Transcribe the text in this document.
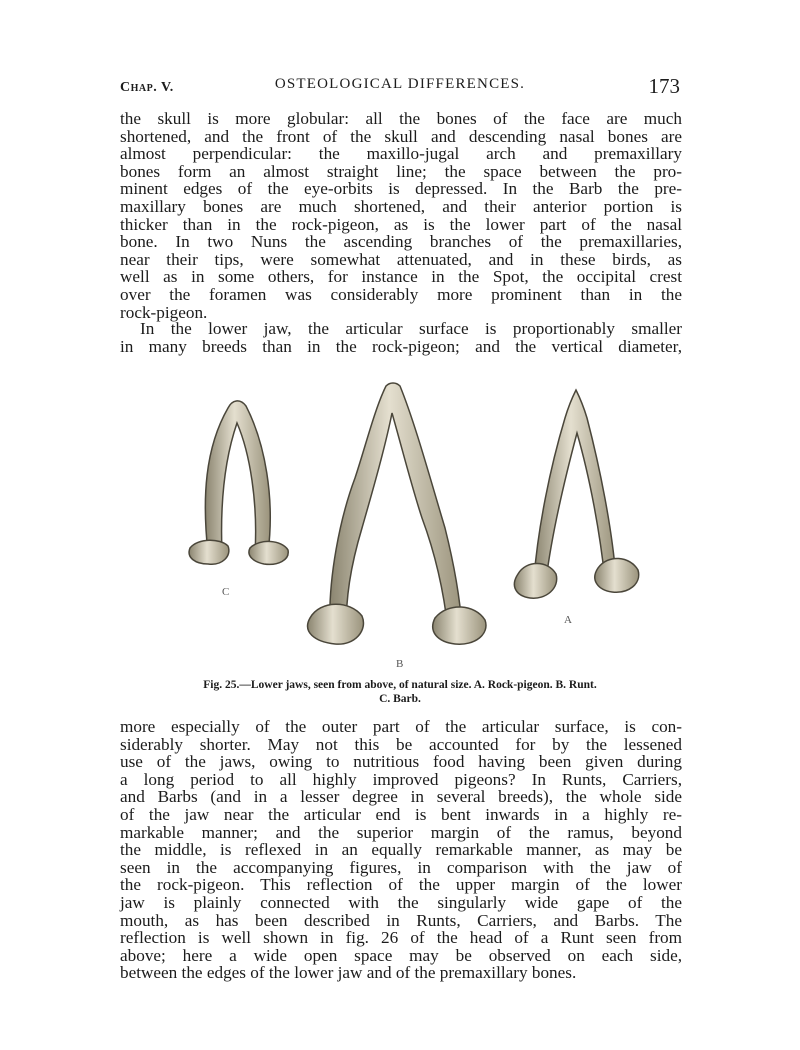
Chap. V.	OSTEOLOGICAL DIFFERENCES.	173
the skull is more globular: all the bones of the face are much
shortened, and the front of the skull and descending nasal bones are
almost perpendicular: the maxillo-jugal arch and premaxillary
bones form an almost straight line; the space between the pro-
minent edges of the eye-orbits is depressed. In the Barb the pre-
maxillary bones are much shortened, and their anterior portion is
thicker than in the rock-pigeon, as is the lower part of the nasal
bone. In two Nuns the ascending branches of the premaxillaries,
near their tips, were somewhat attenuated, and in these birds, as
well as in some others, for instance in the Spot, the occipital crest
over the foramen was considerably more prominent than in the
rock-pigeon.
In the lower jaw, the articular surface is proportionably smaller
in many breeds than in the rock-pigeon; and the vertical diameter,
C
B
A
Fig. 25.—Lower jaws, seen from above, of natural size. A. Rock-pigeon. B. Runt.
C. Barb.
more especially of the outer part of the articular surface, is con-
siderably shorter. May not this be accounted for by the lessened
use of the jaws, owing to nutritious food having been given during
a long period to all highly improved pigeons? In Runts, Carriers,
and Barbs (and in a lesser degree in several breeds), the whole side
of the jaw near the articular end is bent inwards in a highly re-
markable manner; and the superior margin of the ramus, beyond
the middle, is reflexed in an equally remarkable manner, as may be
seen in the accompanying figures, in comparison with the jaw of
the rock-pigeon. This reflection of the upper margin of the lower
jaw is plainly connected with the singularly wide gape of the
mouth, as has been described in Runts, Carriers, and Barbs. The
reflection is well shown in fig. 26 of the head of a Runt seen from
above; here a wide open space may be observed on each side,
between the edges of the lower jaw and of the premaxillary bones.
